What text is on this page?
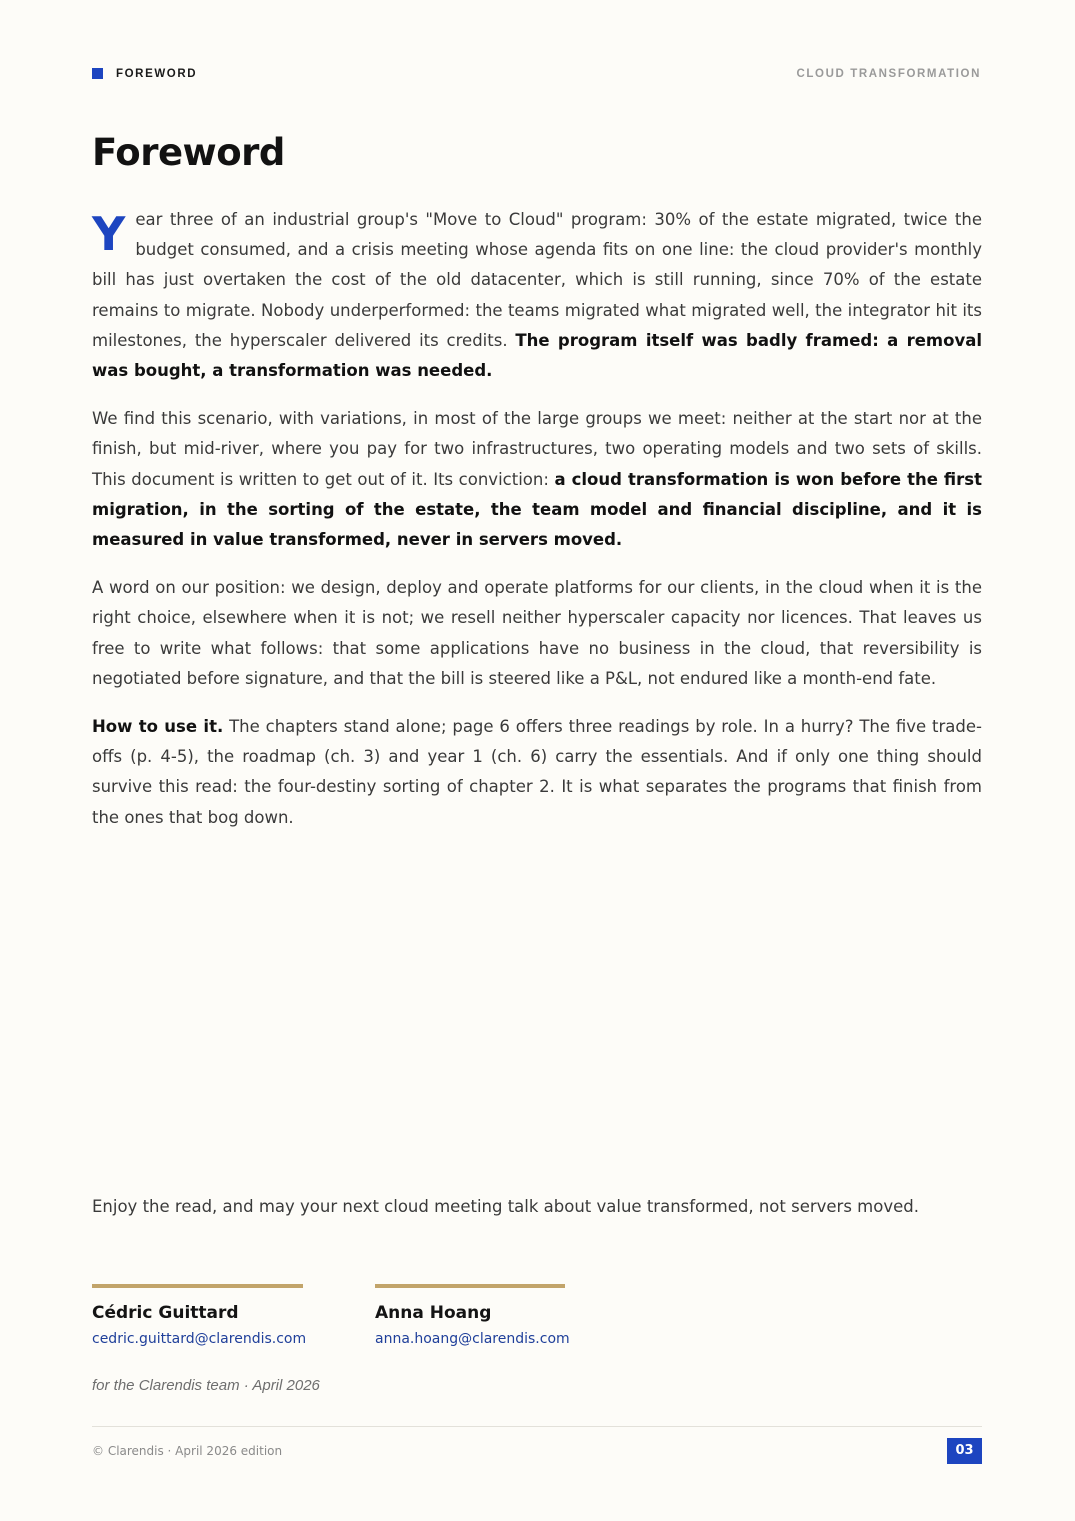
FOREWORD	CLOUD TRANSFORMATION
Foreword

Year three of an industrial group's "Move to Cloud" program: 30% of the estate migrated, twice the budget consumed, and a crisis meeting whose agenda fits on one line: the cloud provider's monthly bill has just overtaken the cost of the old datacenter, which is still running, since 70% of the estate remains to migrate. Nobody underperformed: the teams migrated what migrated well, the integrator hit its milestones, the hyperscaler delivered its credits. The program itself was badly framed: a removal was bought, a transformation was needed.

We find this scenario, with variations, in most of the large groups we meet: neither at the start nor at the finish, but mid-river, where you pay for two infrastructures, two operating models and two sets of skills. This document is written to get out of it. Its conviction: a cloud transformation is won before the first migration, in the sorting of the estate, the team model and financial discipline, and it is measured in value transformed, never in servers moved.

A word on our position: we design, deploy and operate platforms for our clients, in the cloud when it is the right choice, elsewhere when it is not; we resell neither hyperscaler capacity nor licences. That leaves us free to write what follows: that some applications have no business in the cloud, that reversibility is negotiated before signature, and that the bill is steered like a P&L, not endured like a month-end fate.

How to use it. The chapters stand alone; page 6 offers three readings by role. In a hurry? The five trade-offs (p. 4-5), the roadmap (ch. 3) and year 1 (ch. 6) carry the essentials. And if only one thing should survive this read: the four-destiny sorting of chapter 2. It is what separates the programs that finish from the ones that bog down.

Enjoy the read, and may your next cloud meeting talk about value transformed, not servers moved.

Cédric Guittard
cedric.guittard@clarendis.com
Anna Hoang
anna.hoang@clarendis.com
for the Clarendis team · April 2026
© Clarendis · April 2026 edition	03
